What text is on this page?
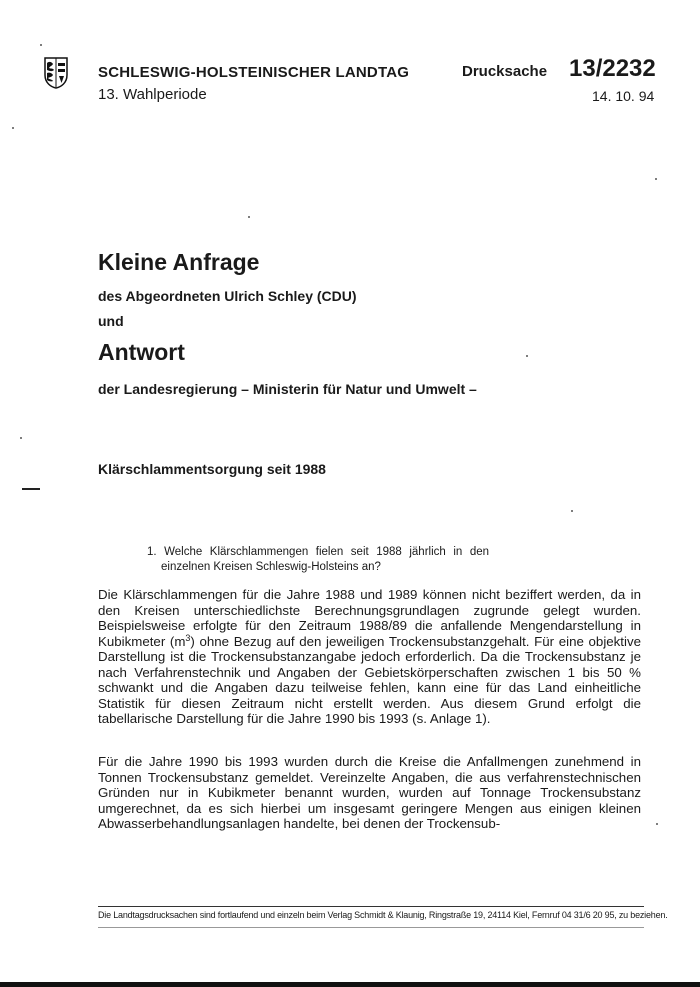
SCHLESWIG-HOLSTEINISCHER LANDTAG
13. Wahlperiode
Drucksache 13/2232
14. 10. 94
Kleine Anfrage
des Abgeordneten Ulrich Schley (CDU)
und
Antwort
der Landesregierung – Ministerin für Natur und Umwelt –
Klärschlammentsorgung seit 1988
1. Welche Klärschlammengen fielen seit 1988 jährlich in den einzelnen Kreisen Schleswig-Holsteins an?

Die Klärschlammengen für die Jahre 1988 und 1989 können nicht beziffert werden, da in den Kreisen unterschiedlichste Berechnungsgrundlagen zugrunde gelegt wurden. Beispielsweise erfolgte für den Zeitraum 1988/89 die anfallende Mengendarstellung in Kubikmeter $(m^3)$ ohne Bezug auf den jeweiligen Trockensubstanzgehalt. Für eine objektive Darstellung ist die Trockensubstanzangabe jedoch erforderlich. Da die Trockensubstanz je nach Verfahrenstechnik und Angaben der Gebietskörperschaften zwischen 1 bis 50 % schwankt und die Angaben dazu teilweise fehlen, kann eine für das Land einheitliche Statistik für diesen Zeitraum nicht erstellt werden. Aus diesem Grund erfolgt die tabellarische Darstellung für die Jahre 1990 bis 1993 (s. Anlage 1).

Für die Jahre 1990 bis 1993 wurden durch die Kreise die Anfallmengen zunehmend in Tonnen Trockensubstanz gemeldet. Vereinzelte Angaben, die aus verfahrenstechnischen Gründen nur in Kubikmeter benannt wurden, wurden auf Tonnage Trockensubstanz umgerechnet, da es sich hierbei um insgesamt geringere Mengen aus einigen kleinen Abwasserbehandlungsanlagen handelte, bei denen der Trockensub-

Die Landtagsdrucksachen sind fortlaufend und einzeln beim Verlag Schmidt & Klaunig, Ringstraße 19, 24114 Kiel, Fernruf 04 31/6 20 95, zu beziehen.
